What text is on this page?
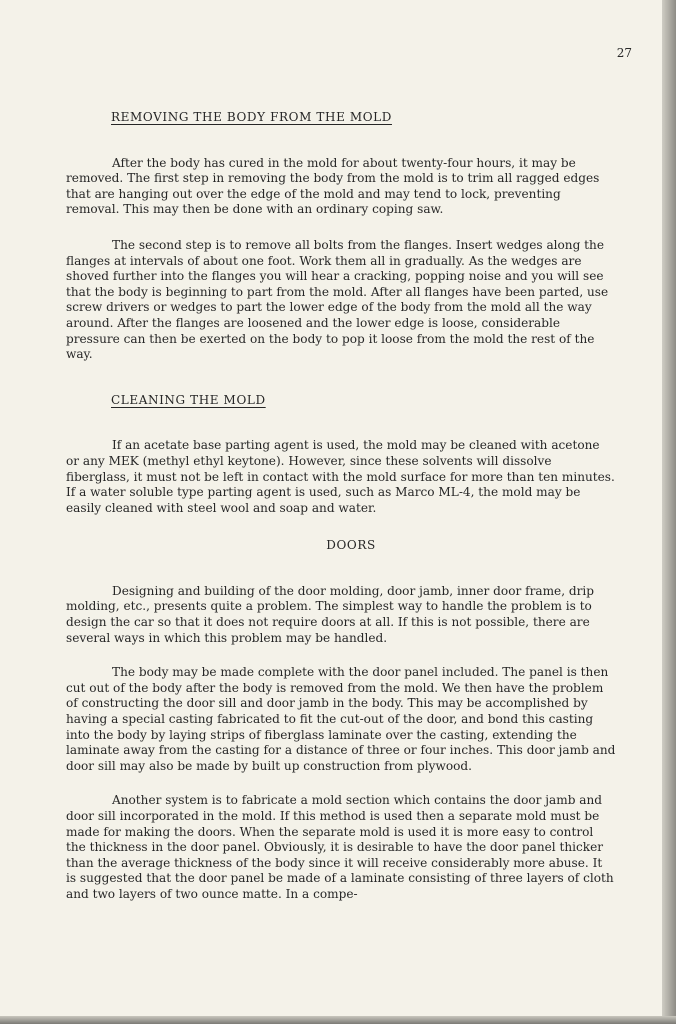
27
REMOVING THE BODY FROM THE MOLD

After the body has cured in the mold for about twenty-four hours, it may be removed. The first step in removing the body from the mold is to trim all ragged edges that are hanging out over the edge of the mold and may tend to lock, preventing removal. This may then be done with an ordinary coping saw.

The second step is to remove all bolts from the flanges. Insert wedges along the flanges at intervals of about one foot. Work them all in gradually. As the wedges are shoved further into the flanges you will hear a cracking, popping noise and you will see that the body is beginning to part from the mold. After all flanges have been parted, use screw drivers or wedges to part the lower edge of the body from the mold all the way around. After the flanges are loosened and the lower edge is loose, considerable pressure can then be exerted on the body to pop it loose from the mold the rest of the way.

CLEANING THE MOLD

If an acetate base parting agent is used, the mold may be cleaned with acetone or any MEK (methyl ethyl keytone). However, since these solvents will dissolve fiberglass, it must not be left in contact with the mold surface for more than ten minutes. If a water soluble type parting agent is used, such as Marco ML-4, the mold may be easily cleaned with steel wool and soap and water.

DOORS

Designing and building of the door molding, door jamb, inner door frame, drip molding, etc., presents quite a problem. The simplest way to handle the problem is to design the car so that it does not require doors at all. If this is not possible, there are several ways in which this problem may be handled.

The body may be made complete with the door panel included. The panel is then cut out of the body after the body is removed from the mold. We then have the problem of constructing the door sill and door jamb in the body. This may be accomplished by having a special casting fabricated to fit the cut-out of the door, and bond this casting into the body by laying strips of fiberglass laminate over the casting, extending the laminate away from the casting for a distance of three or four inches. This door jamb and door sill may also be made by built up construction from plywood.

Another system is to fabricate a mold section which contains the door jamb and door sill incorporated in the mold. If this method is used then a separate mold must be made for making the doors. When the separate mold is used it is more easy to control the thickness in the door panel. Obviously, it is desirable to have the door panel thicker than the average thickness of the body since it will receive considerably more abuse. It is suggested that the door panel be made of a laminate consisting of three layers of cloth and two layers of two ounce matte. In a compe-
